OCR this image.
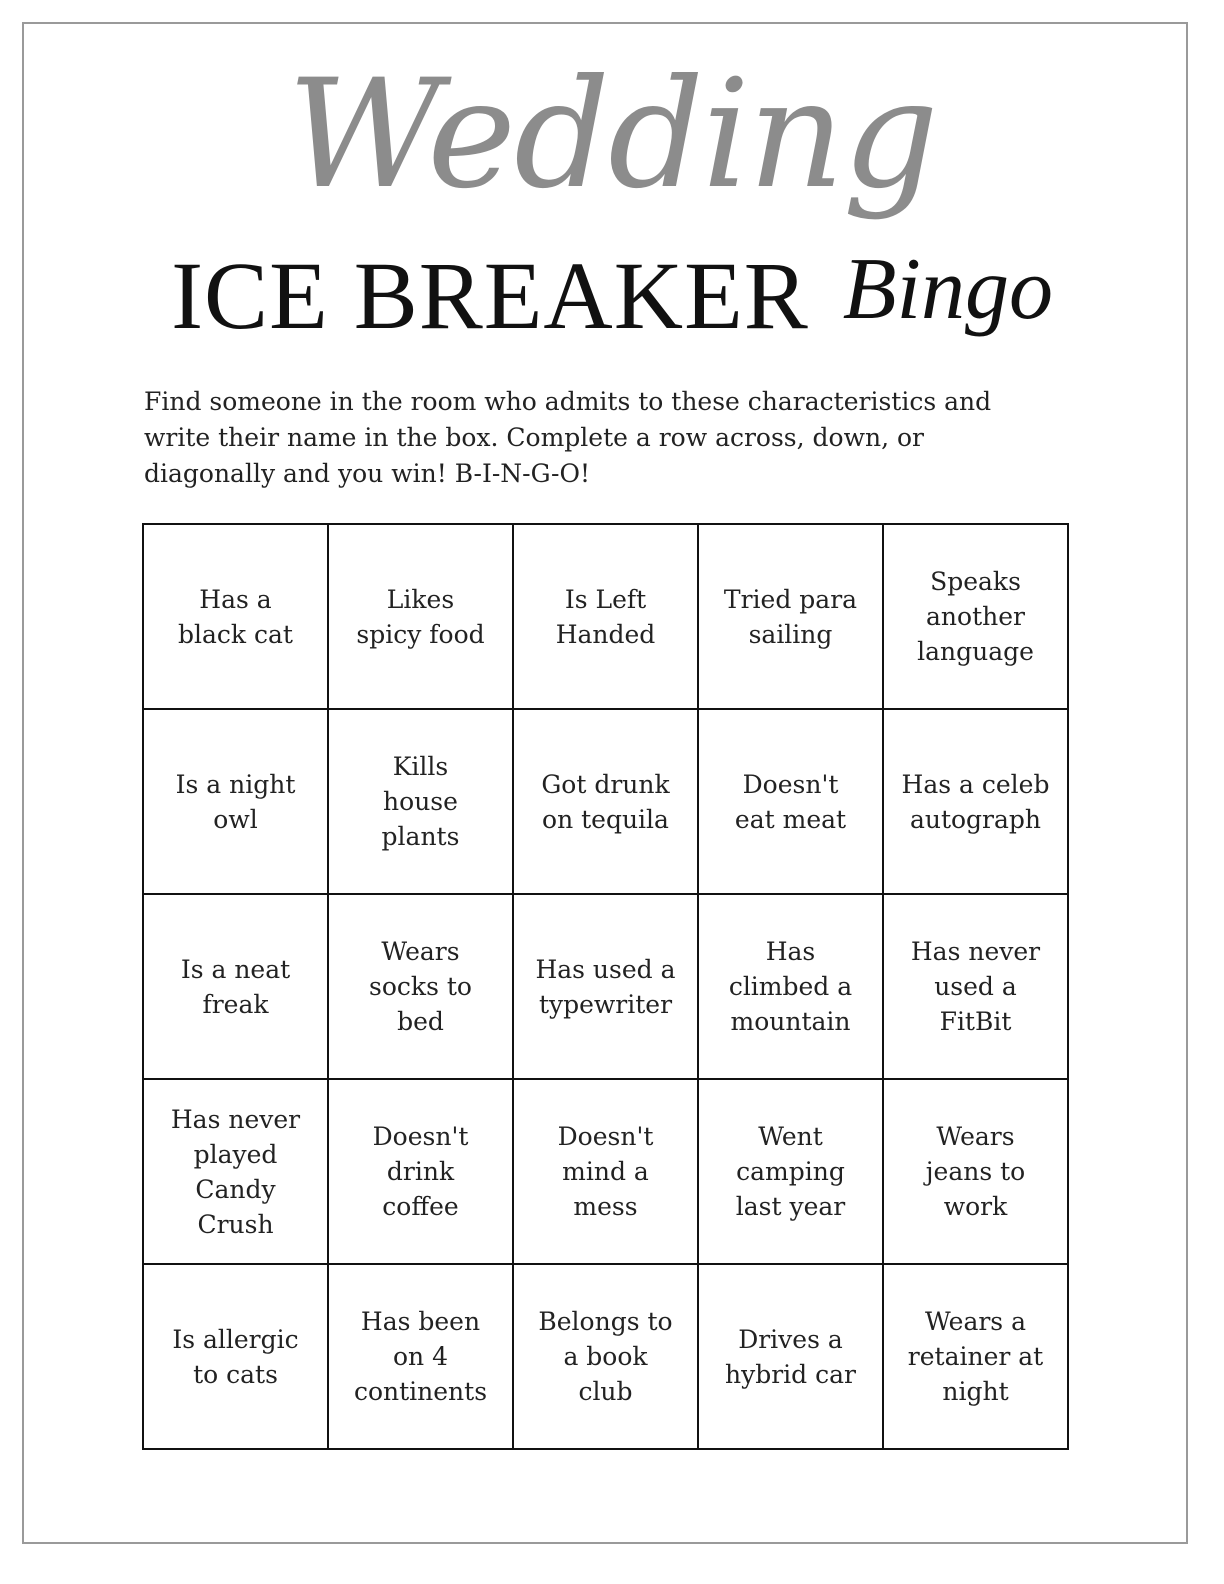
Wedding
ICE BREAKER Bingo

Find someone in the room who admits to these characteristics and write their name in the box. Complete a row across, down, or diagonally and you win! B-I-N-G-O!

Has a
black cat
Likes
spicy food
Is Left
Handed
Tried para
sailing
Speaks
another
language
Is a night
owl
Kills
house
plants
Got drunk
on tequila
Doesn't
eat meat
Has a celeb
autograph
Is a neat
freak
Wears
socks to
bed
Has used a
typewriter
Has
climbed a
mountain
Has never
used a
FitBit
Has never
played
Candy
Crush
Doesn't
drink
coffee
Doesn't
mind a
mess
Went
camping
last year
Wears
jeans to
work
Is allergic
to cats
Has been
on 4
continents
Belongs to
a book
club
Drives a
hybrid car
Wears a
retainer at
night
